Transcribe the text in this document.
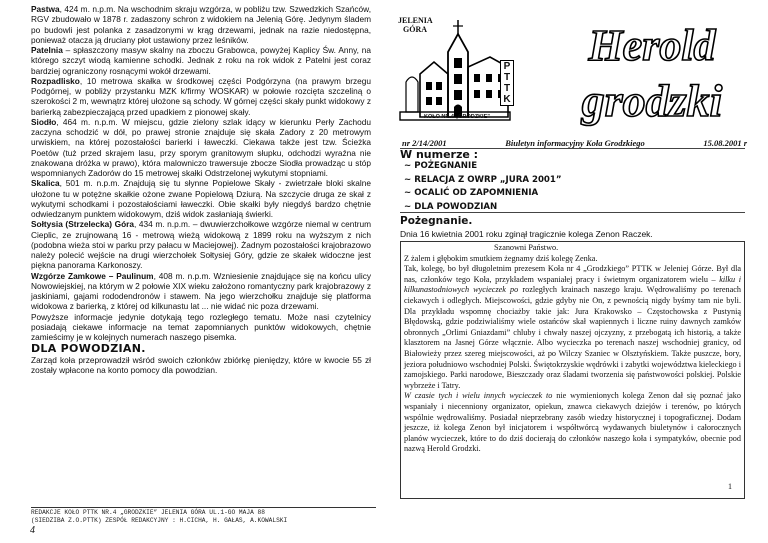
Pastwa, 424 m. n.p.m. Na wschodnim skraju wzgórza, w pobliżu tzw. Szwedzkich Szańców, RGV zbudowało w 1878 r. zadaszony schron z widokiem na Jelenią Górę. Jedynym śladem po budowli jest polanka z zasadzonymi w krąg drzewami, jednak na razie niedostępna, ponieważ otacza ją drucianу płot ustawiony przez leśników.

Patelnia – spłaszczony masyw skalny na zboczu Grabowca, powyżej Kaplicy Św. Anny, na którego szczyt wiodą kamienne schodki. Jednak z roku na rok widok z Patelni jest coraz bardziej ograniczony rosnącymi wokół drzewami.

Rozpadlisko, 10 metrowa skałka w środkowej części Podgórzyna (na prawym brzegu Podgórnej, w pobliży przystanku MZK k/firmy WOSKAR) w połowie rozcięta szczeliną o szerokości 2 m, wewnątrz której ułożone są schody. W górnej części skały punkt widokowy z barierką zabezpieczającą przed upadkiem z pionowej skały.

Siodło, 464 m. n.p.m. W miejscu, gdzie zielony szlak idący w kierunku Perły Zachodu zaczyna schodzić w dół, po prawej stronie znajduje się skała Zadory z 20 metrowym urwiskiem, na której pozostałości barierki i ławeczki. Ciekawa także jest tzw. Ścieżka Poetów (tuż przed skrajem lasu, przy sporym granitowym słupku, odchodzi wyraźna nie znakowana dróżka w prawo), która malowniczo trawersuje zbocze Siodła prowadząc u stóp wspomnianych Zadorów do 15 metrowej skałki Odstrzelonej wykutymi stopniami.

Skalica, 501 m. n.p.m. Znajdują się tu słynne Popielowe Skały - zwietrzałe bloki skalne ułożone tu w potężne skałkie ożone zwane Popielową Dziurą. Na szczycie druga ze skał z wykutymi schodkami i pozostałościami ławeczki. Obie skałki były niegdyś bardzo chętnie odwiedzanym punktem widokowym, dziś widok zasłaniają świerki.

Sołtysia (Strzelecka) Góra, 434 m. n.p.m. – dwuwierzchołkowe wzgórze niemal w centrum Cieplic, ze zrujnowaną 16 - metrową wieżą widokową z 1899 roku na wyższym z nich (podobna wieża stoi w parku przy pałacu w Maciejowej). Żadnym pozostałości krajobrazowo należy polecić wejście na drugi wierzchołek Sołtysiej Góry, gdzie ze skałek widoczne jest piękna panorama Karkonoszy.

Wzgórze Zamkowe – Paulinum, 408 m. n.p.m. Wzniesienie znajdujące się na końcu ulicy Nowowiejskiej, na którym w 2 połowie XIX wieku założono romantyczny park krajobrazowy z jaskiniami, gajami rododendronów i stawem. Na jego wierzchołku znajduje się platforma widokowa z barierką, z której od kilkunastu lat ... nie widać nic poza drzewami.

Powyższe informacje jedynie dotykają tego rozległego tematu. Może nasi czytelnicy posiadają ciekawe informacje na temat zapomnianych punktów widokowych, chętnie zamieścimy je w kolejnych numerach naszego pisemka.

DLA POWODZIAN.

Zarząd koła przeprowadził wśród swoich członków zbiórkę pieniędzy, które w kwocie 55 zł zostały wpłacone na konto pomocy dla powodzian.

REDAKCJE KOŁO PTTK NR.4 „GRODZKIE” JELENIA GÓRA UL.1-GO MAJA 88
(SIEDZIBA Z.O.PTTK) ZESPÓŁ REDAKCYJNY : H.CICHA, H. GAŁAS, A.KOWALSKI
4
JELENIA
GÓRA
P
T
T
K
KOŁO NR.4 „GRODZKIE”
Herold
grodzki
nr 2/14/2001	Biuletyn informacyjny Koła Grodzkiego	15.08.2001 r
W numerze :
~ POŻEGNANIE
~ RELACJA Z OWRP „JURA 2001”
~ OCALIĆ OD ZAPOMNIENIA
~ DLA POWODZIAN
Pożegnanie.
Dnia 16 kwietnia 2001 roku zginął tragicznie kolega Zenon Raczek.

Szanowni Państwo.

Z żalem i głębokim smutkiem żegnamy dziś kolegę Zenka.

Tak, kolegę, bo był długoletnim prezesem Koła nr 4 „Grodzkiego” PTTK w Jeleniej Górze. Był dla nas, członków tego Koła, przykładem wspaniałej pracy i świetnym organizatorem wielu – kilku i kilkunastodniowych wycieczek po rozległych krainach naszego kraju. Wędrowaliśmy po terenach ciekawych i odległych. Miejscowości, gdzie gdyby nie On, z pewnością nigdy byśmy tam nie byli. Dla przykładu wspomnę chociażby takie jak: Jura Krakowsko – Częstochowska z Pustynią Błędowską, gdzie podziwialiśmy wiele ostańców skał wapiennych i liczne ruiny dawnych zamków obronnych „Orlimi Gniazdami” chluby i chwały naszej ojczyzny, z przebogatą ich historią, a także klasztorem na Jasnej Górze włącznie. Albo wycieczka po terenach naszej wschodniej granicy, od Białowieży przez szereg miejscowości, aż po Wilczy Szaniec w Olsztyńskiem. Także puszcze, bory, jeziora południowo wschodniej Polski. Świętokrzyskie wędrówki i zabytki województwa kieleckiego i zamojskiego. Parki narodowe, Bieszczady oraz śladami tworzenia się państwowości polskiej. Polskie wybrzeże i Tatry.

W czasie tych i wielu innych wycieczek to nie wymienionych kolega Zenon dał się poznać jako wspaniały i niecenniony organizator, opiekun, znawca ciekawych dziejów i terenów, po których wspólnie wędrowaliśmy. Posiadał nieprzebrany zasób wiedzy historycznej i topograficznej. Dodam jeszcze, iż kolega Zenon był inicjatorem i współtwórcą wydawanych biuletynów i całorocznych planów wycieczek, które to do dziś docierają do członków naszego koła i sympatyków, obecnie pod nazwą Herold Grodzki.

1
